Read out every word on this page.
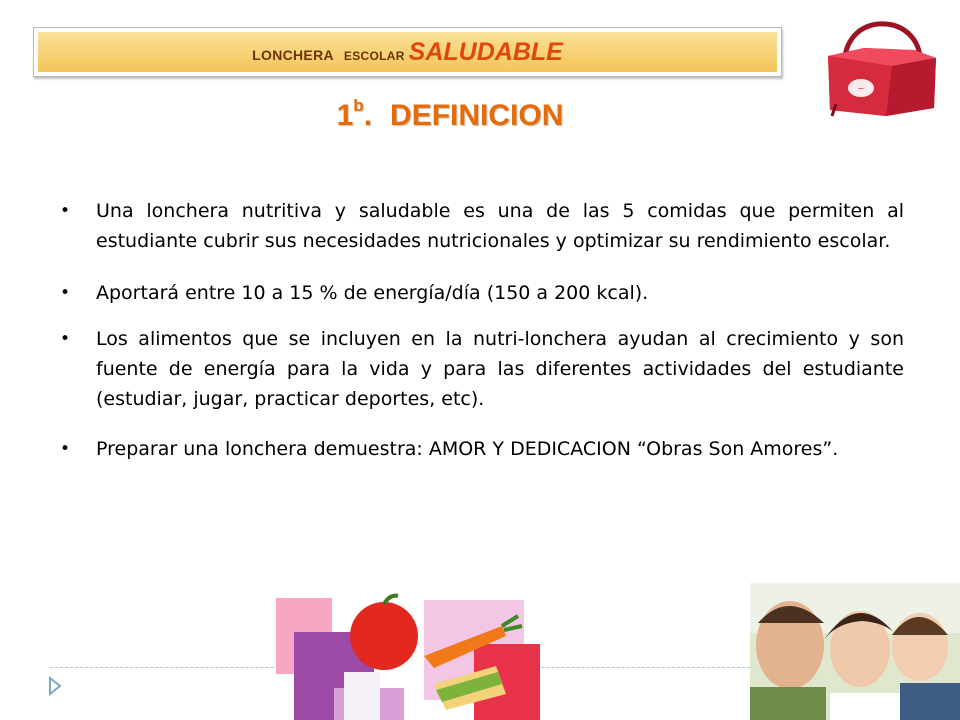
LONCHERA ESCOLAR SALUDABLE
1$^b$. DEFINICION
~
• Una lonchera nutritiva y saludable es una de las 5 comidas que permiten al estudiante cubrir sus necesidades nutricionales y optimizar su rendimiento escolar.
• Aportará entre 10 a 15 % de energía/día (150 a 200 kcal).
• Los alimentos que se incluyen en la nutri-lonchera ayudan al crecimiento y son fuente de energía para la vida y para las diferentes actividades del estudiante (estudiar, jugar, practicar deportes, etc).
• Preparar una lonchera demuestra: AMOR Y DEDICACION “Obras Son Amores”.
